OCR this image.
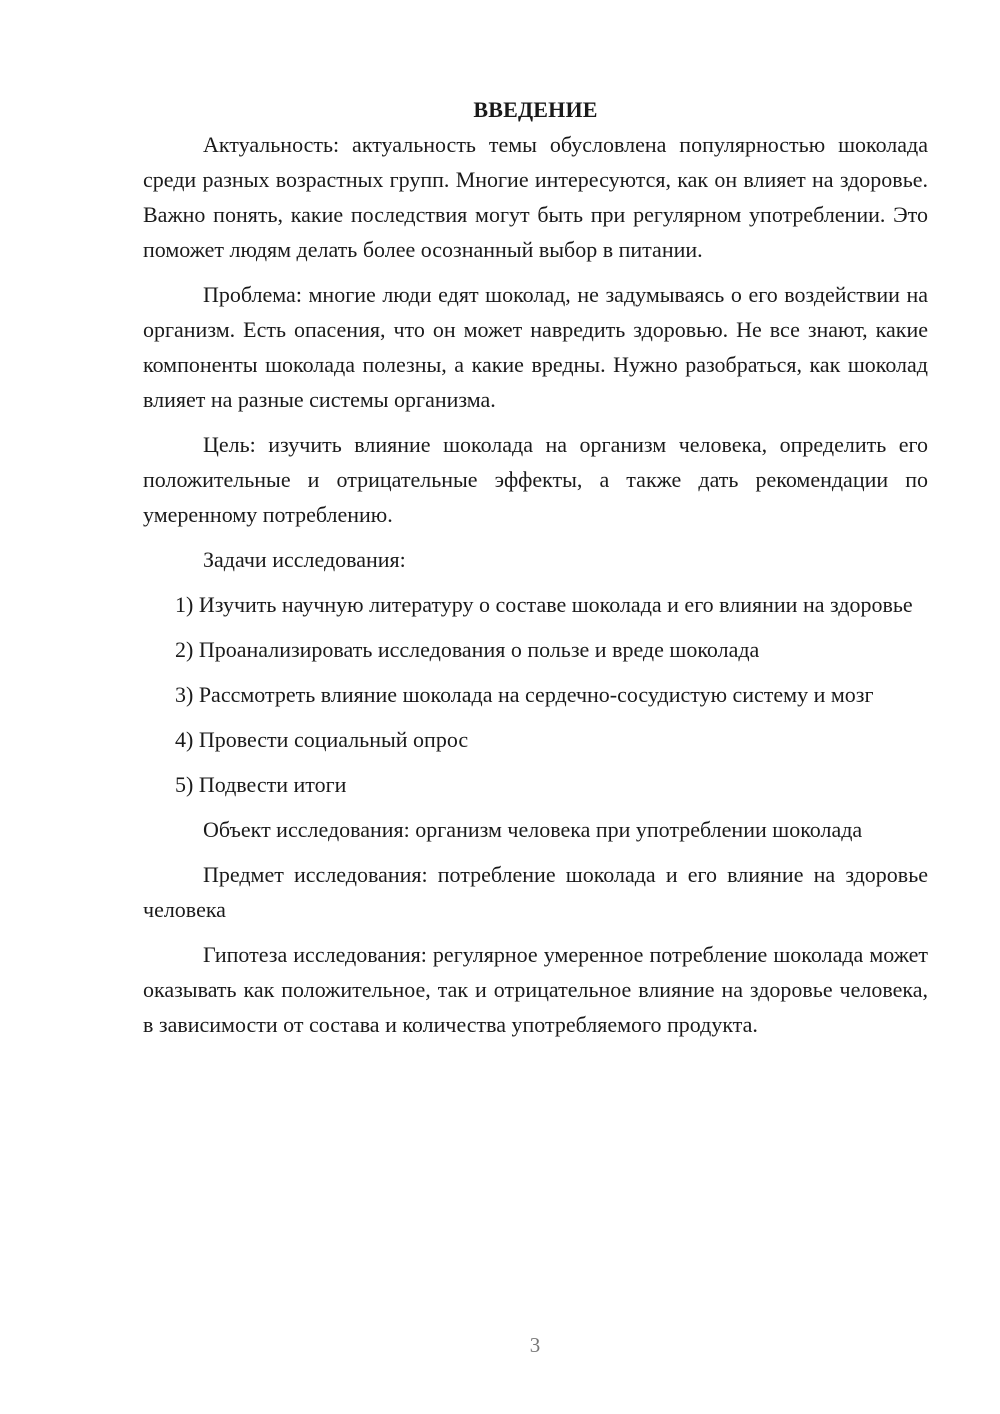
ВВЕДЕНИЕ

Актуальность: актуальность темы обусловлена популярностью шоколада среди разных возрастных групп. Многие интересуются, как он влияет на здоровье. Важно понять, какие последствия могут быть при регулярном употреблении. Это поможет людям делать более осознанный выбор в питании.

Проблема: многие люди едят шоколад, не задумываясь о его воздействии на организм. Есть опасения, что он может навредить здоровью. Не все знают, какие компоненты шоколада полезны, а какие вредны. Нужно разобраться, как шоколад влияет на разные системы организма.

Цель: изучить влияние шоколада на организм человека, определить его положительные и отрицательные эффекты, а также дать рекомендации по умеренному потреблению.

Задачи исследования:

1) Изучить научную литературу о составе шоколада и его влиянии на здоровье

2) Проанализировать исследования о пользе и вреде шоколада

3) Рассмотреть влияние шоколада на сердечно-сосудистую систему и мозг

4) Провести социальный опрос

5) Подвести итоги

Объект исследования: организм человека при употреблении шоколада

Предмет исследования: потребление шоколада и его влияние на здоровье человека

Гипотеза исследования: регулярное умеренное потребление шоколада может оказывать как положительное, так и отрицательное влияние на здоровье человека, в зависимости от состава и количества употребляемого продукта.

3
